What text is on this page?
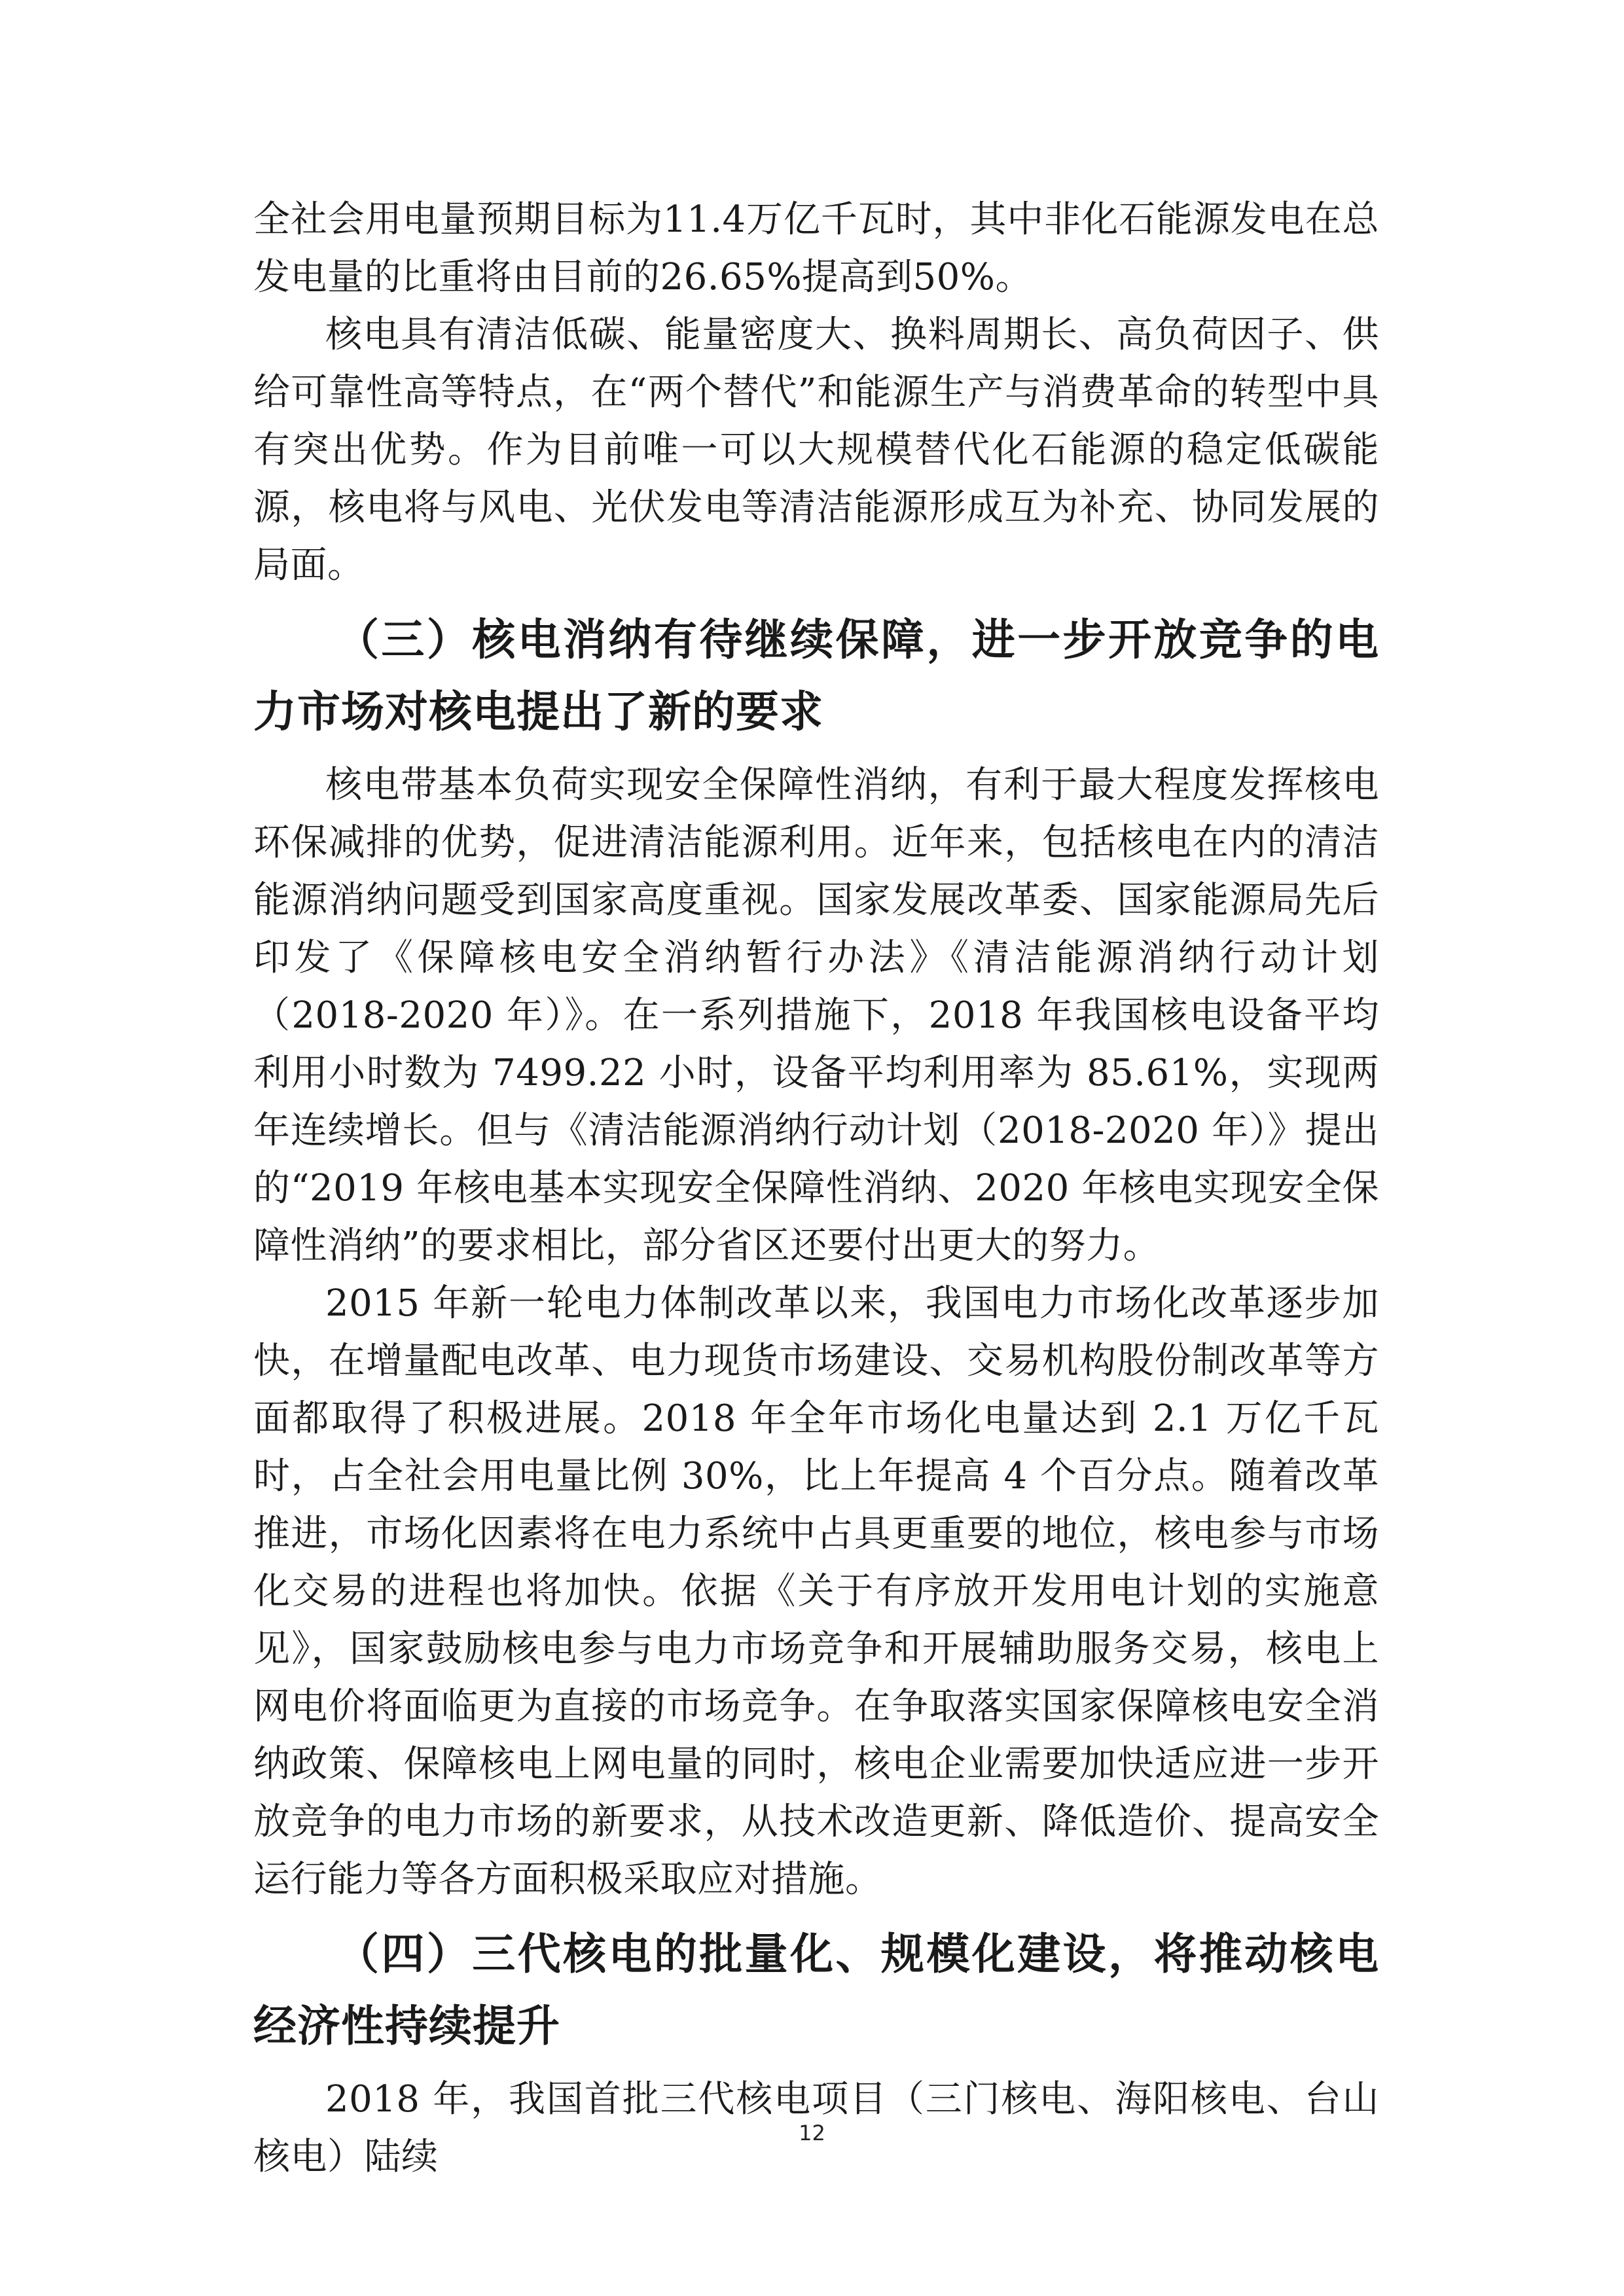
全社会用电量预期目标为11.4万亿千瓦时，其中非化石能源发电在总发电量的比重将由目前的26.65%提高到50%。

核电具有清洁低碳、能量密度大、换料周期长、高负荷因子、供给可靠性高等特点，在“两个替代”和能源生产与消费革命的转型中具有突出优势。作为目前唯一可以大规模替代化石能源的稳定低碳能源，核电将与风电、光伏发电等清洁能源形成互为补充、协同发展的局面。

（三）核电消纳有待继续保障，进一步开放竞争的电力市场对核电提出了新的要求

核电带基本负荷实现安全保障性消纳，有利于最大程度发挥核电环保减排的优势，促进清洁能源利用。近年来，包括核电在内的清洁能源消纳问题受到国家高度重视。国家发展改革委、国家能源局先后印发了《保障核电安全消纳暂行办法》《清洁能源消纳行动计划（2018-2020 年）》。在一系列措施下，2018 年我国核电设备平均利用小时数为 7499.22 小时，设备平均利用率为 85.61%，实现两年连续增长。但与《清洁能源消纳行动计划（2018-2020 年）》提出的“2019 年核电基本实现安全保障性消纳、2020 年核电实现安全保障性消纳”的要求相比，部分省区还要付出更大的努力。

2015 年新一轮电力体制改革以来，我国电力市场化改革逐步加快，在增量配电改革、电力现货市场建设、交易机构股份制改革等方面都取得了积极进展。2018 年全年市场化电量达到 2.1 万亿千瓦时，占全社会用电量比例 30%，比上年提高 4 个百分点。随着改革推进，市场化因素将在电力系统中占具更重要的地位，核电参与市场化交易的进程也将加快。依据《关于有序放开发用电计划的实施意见》，国家鼓励核电参与电力市场竞争和开展辅助服务交易，核电上网电价将面临更为直接的市场竞争。在争取落实国家保障核电安全消纳政策、保障核电上网电量的同时，核电企业需要加快适应进一步开放竞争的电力市场的新要求，从技术改造更新、降低造价、提高安全运行能力等各方面积极采取应对措施。

（四）三代核电的批量化、规模化建设，将推动核电经济性持续提升

2018 年，我国首批三代核电项目（三门核电、海阳核电、台山核电）陆续

12
